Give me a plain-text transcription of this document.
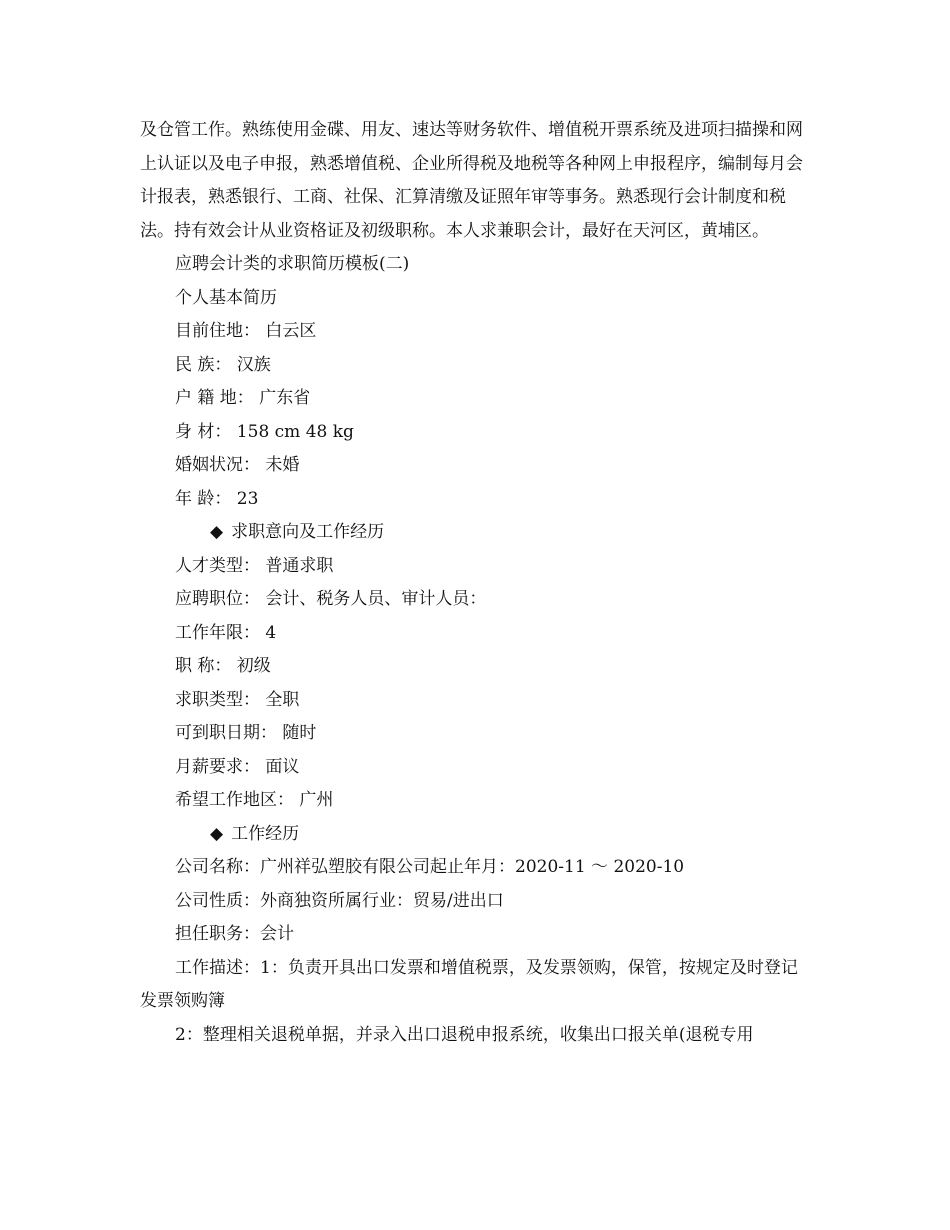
及仓管工作。熟练使用金碟、用友、速达等财务软件、增值税开票系统及进项扫描操和网上认证以及电子申报，熟悉增值税、企业所得税及地税等各种网上申报程序，编制每月会计报表，熟悉银行、工商、社保、汇算清缴及证照年审等事务。熟悉现行会计制度和税法。持有效会计从业资格证及初级职称。本人求兼职会计，最好在天河区，黄埔区。

应聘会计类的求职简历模板(二)

个人基本简历

目前住地： 白云区

民 族： 汉族

户 籍 地： 广东省

身 材： 158 cm 48 kg

婚姻状况： 未婚

年 龄： 23

◆ 求职意向及工作经历

人才类型： 普通求职

应聘职位： 会计、税务人员、审计人员：

工作年限： 4

职 称： 初级

求职类型： 全职

可到职日期： 随时

月薪要求： 面议

希望工作地区： 广州

◆ 工作经历

公司名称：广州祥弘塑胶有限公司起止年月：2020-11 ～ 2020-10

公司性质：外商独资所属行业：贸易/进出口

担任职务：会计

工作描述：1：负责开具出口发票和增值税票，及发票领购，保管，按规定及时登记发票领购簿

2：整理相关退税单据，并录入出口退税申报系统，收集出口报关单(退税专用
